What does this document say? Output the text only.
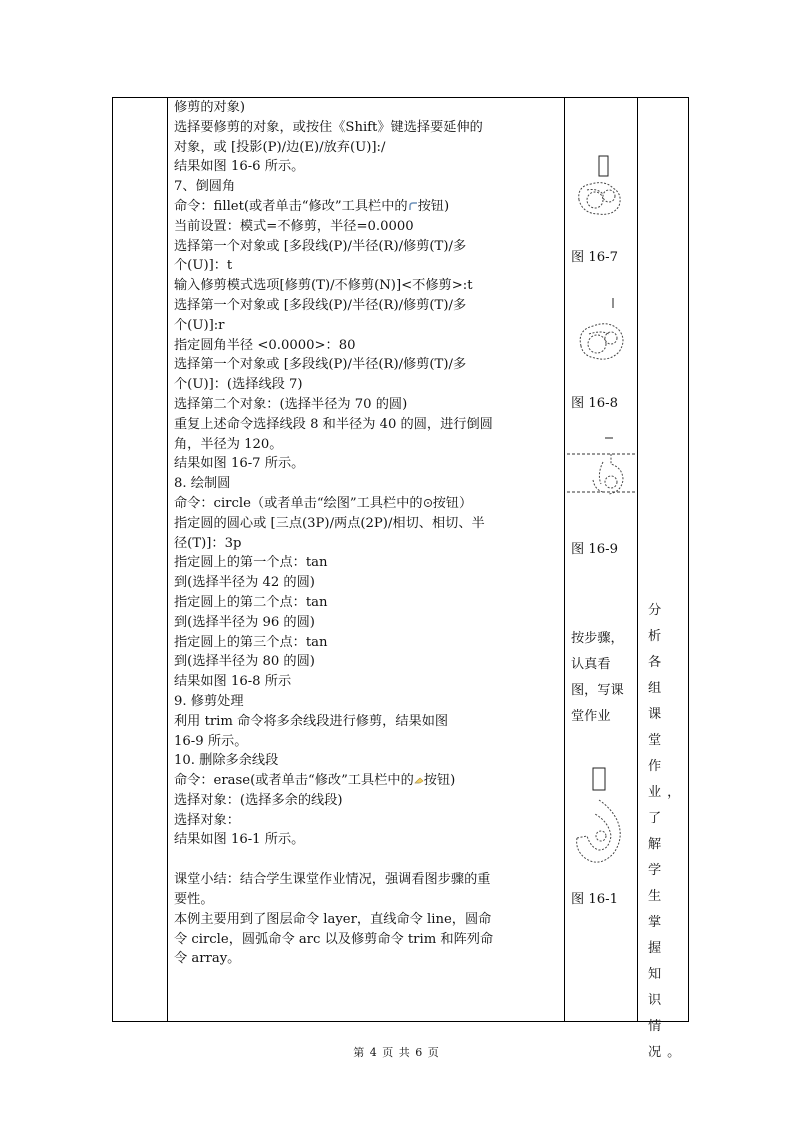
修剪的对象)
选择要修剪的对象，或按住《Shift》键选择要延伸的
对象，或 [投影(P)/边(E)/放弃(U)]:/
结果如图 16-6 所示。
7、倒圆角
命令：fillet(或者单击“修改”工具栏中的 按钮)
当前设置：模式=不修剪，半径=0.0000
选择第一个对象或 [多段线(P)/半径(R)/修剪(T)/多
个(U)]：t
输入修剪模式选项[修剪(T)/不修剪(N)]<不修剪>:t
选择第一个对象或 [多段线(P)/半径(R)/修剪(T)/多
个(U)]:r
指定圆角半径 <0.0000>：80
选择第一个对象或 [多段线(P)/半径(R)/修剪(T)/多
个(U)]：(选择线段 7)
选择第二个对象：(选择半径为 70 的圆)
重复上述命令选择线段 8 和半径为 40 的圆，进行倒圆
角，半径为 120。
结果如图 16-7 所示。
8. 绘制圆
命令：circle（或者单击“绘图”工具栏中的 按钮）
指定圆的圆心或 [三点(3P)/两点(2P)/相切、相切、半
径(T)]：3p
指定圆上的第一个点：tan
到(选择半径为 42 的圆)
指定圆上的第二个点：tan
到(选择半径为 96 的圆)
指定圆上的第三个点：tan
到(选择半径为 80 的圆)
结果如图 16-8 所示
9. 修剪处理
利用 trim 命令将多余线段进行修剪，结果如图
16-9 所示。
10. 删除多余线段
命令：erase(或者单击“修改”工具栏中的 按钮)
选择对象：(选择多余的线段)
选择对象：
结果如图 16-1 所示。
课堂小结：结合学生课堂作业情况，强调看图步骤的重
要性。
本例主要用到了图层命令 layer，直线命令 line，圆命
令 circle，圆弧命令 arc 以及修剪命令 trim 和阵列命
令 array。

图 16-7
图 16-8
图 16-9
按步骤，
认真看
图，写课
堂作业
图 16-1

分析各组课堂作业，了解学生掌握知识情况。
第 4 页 共 6 页
